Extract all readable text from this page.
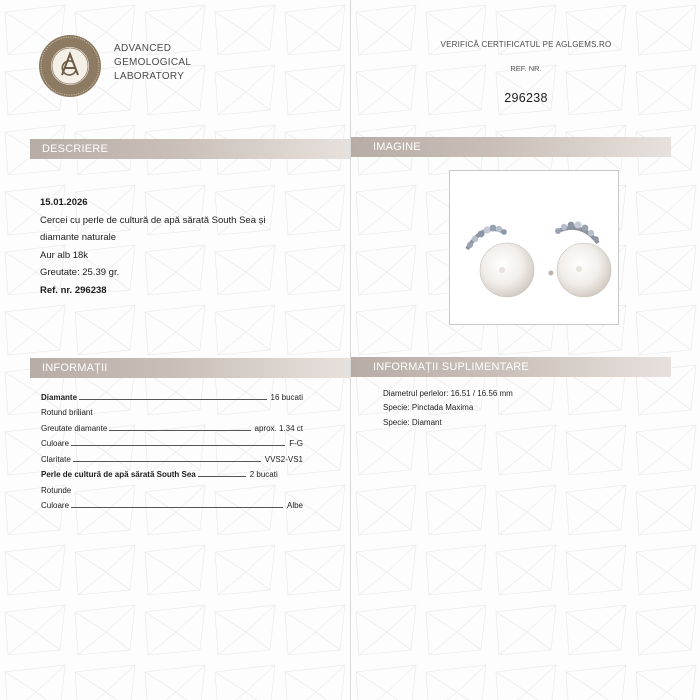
ADVANCED
GEMOLOGICAL
LABORATORY
DESCRIERE
15.01.2026
Cercei cu perle de cultură de apă sărată South Sea și
diamante naturale
Aur alb 18k
Greutate: 25.39 gr.
Ref. nr. 296238
INFORMAȚII
Diamante	16 bucati
Rotund briliant
Greutate diamante	aprox. 1.34 ct
Culoare	F-G
Claritate	VVS2-VS1
Perle de cultură de apă sărată South Sea	2 bucati
Rotunde
Culoare	Albe
VERIFICĂ CERTIFICATUL PE AGLGEMS.RO
REF. NR.
296238
IMAGINE
INFORMAȚII SUPLIMENTARE
Diametrul perlelor: 16.51 / 16.56 mm
Specie: Pinctada Maxima
Specie: Diamant
